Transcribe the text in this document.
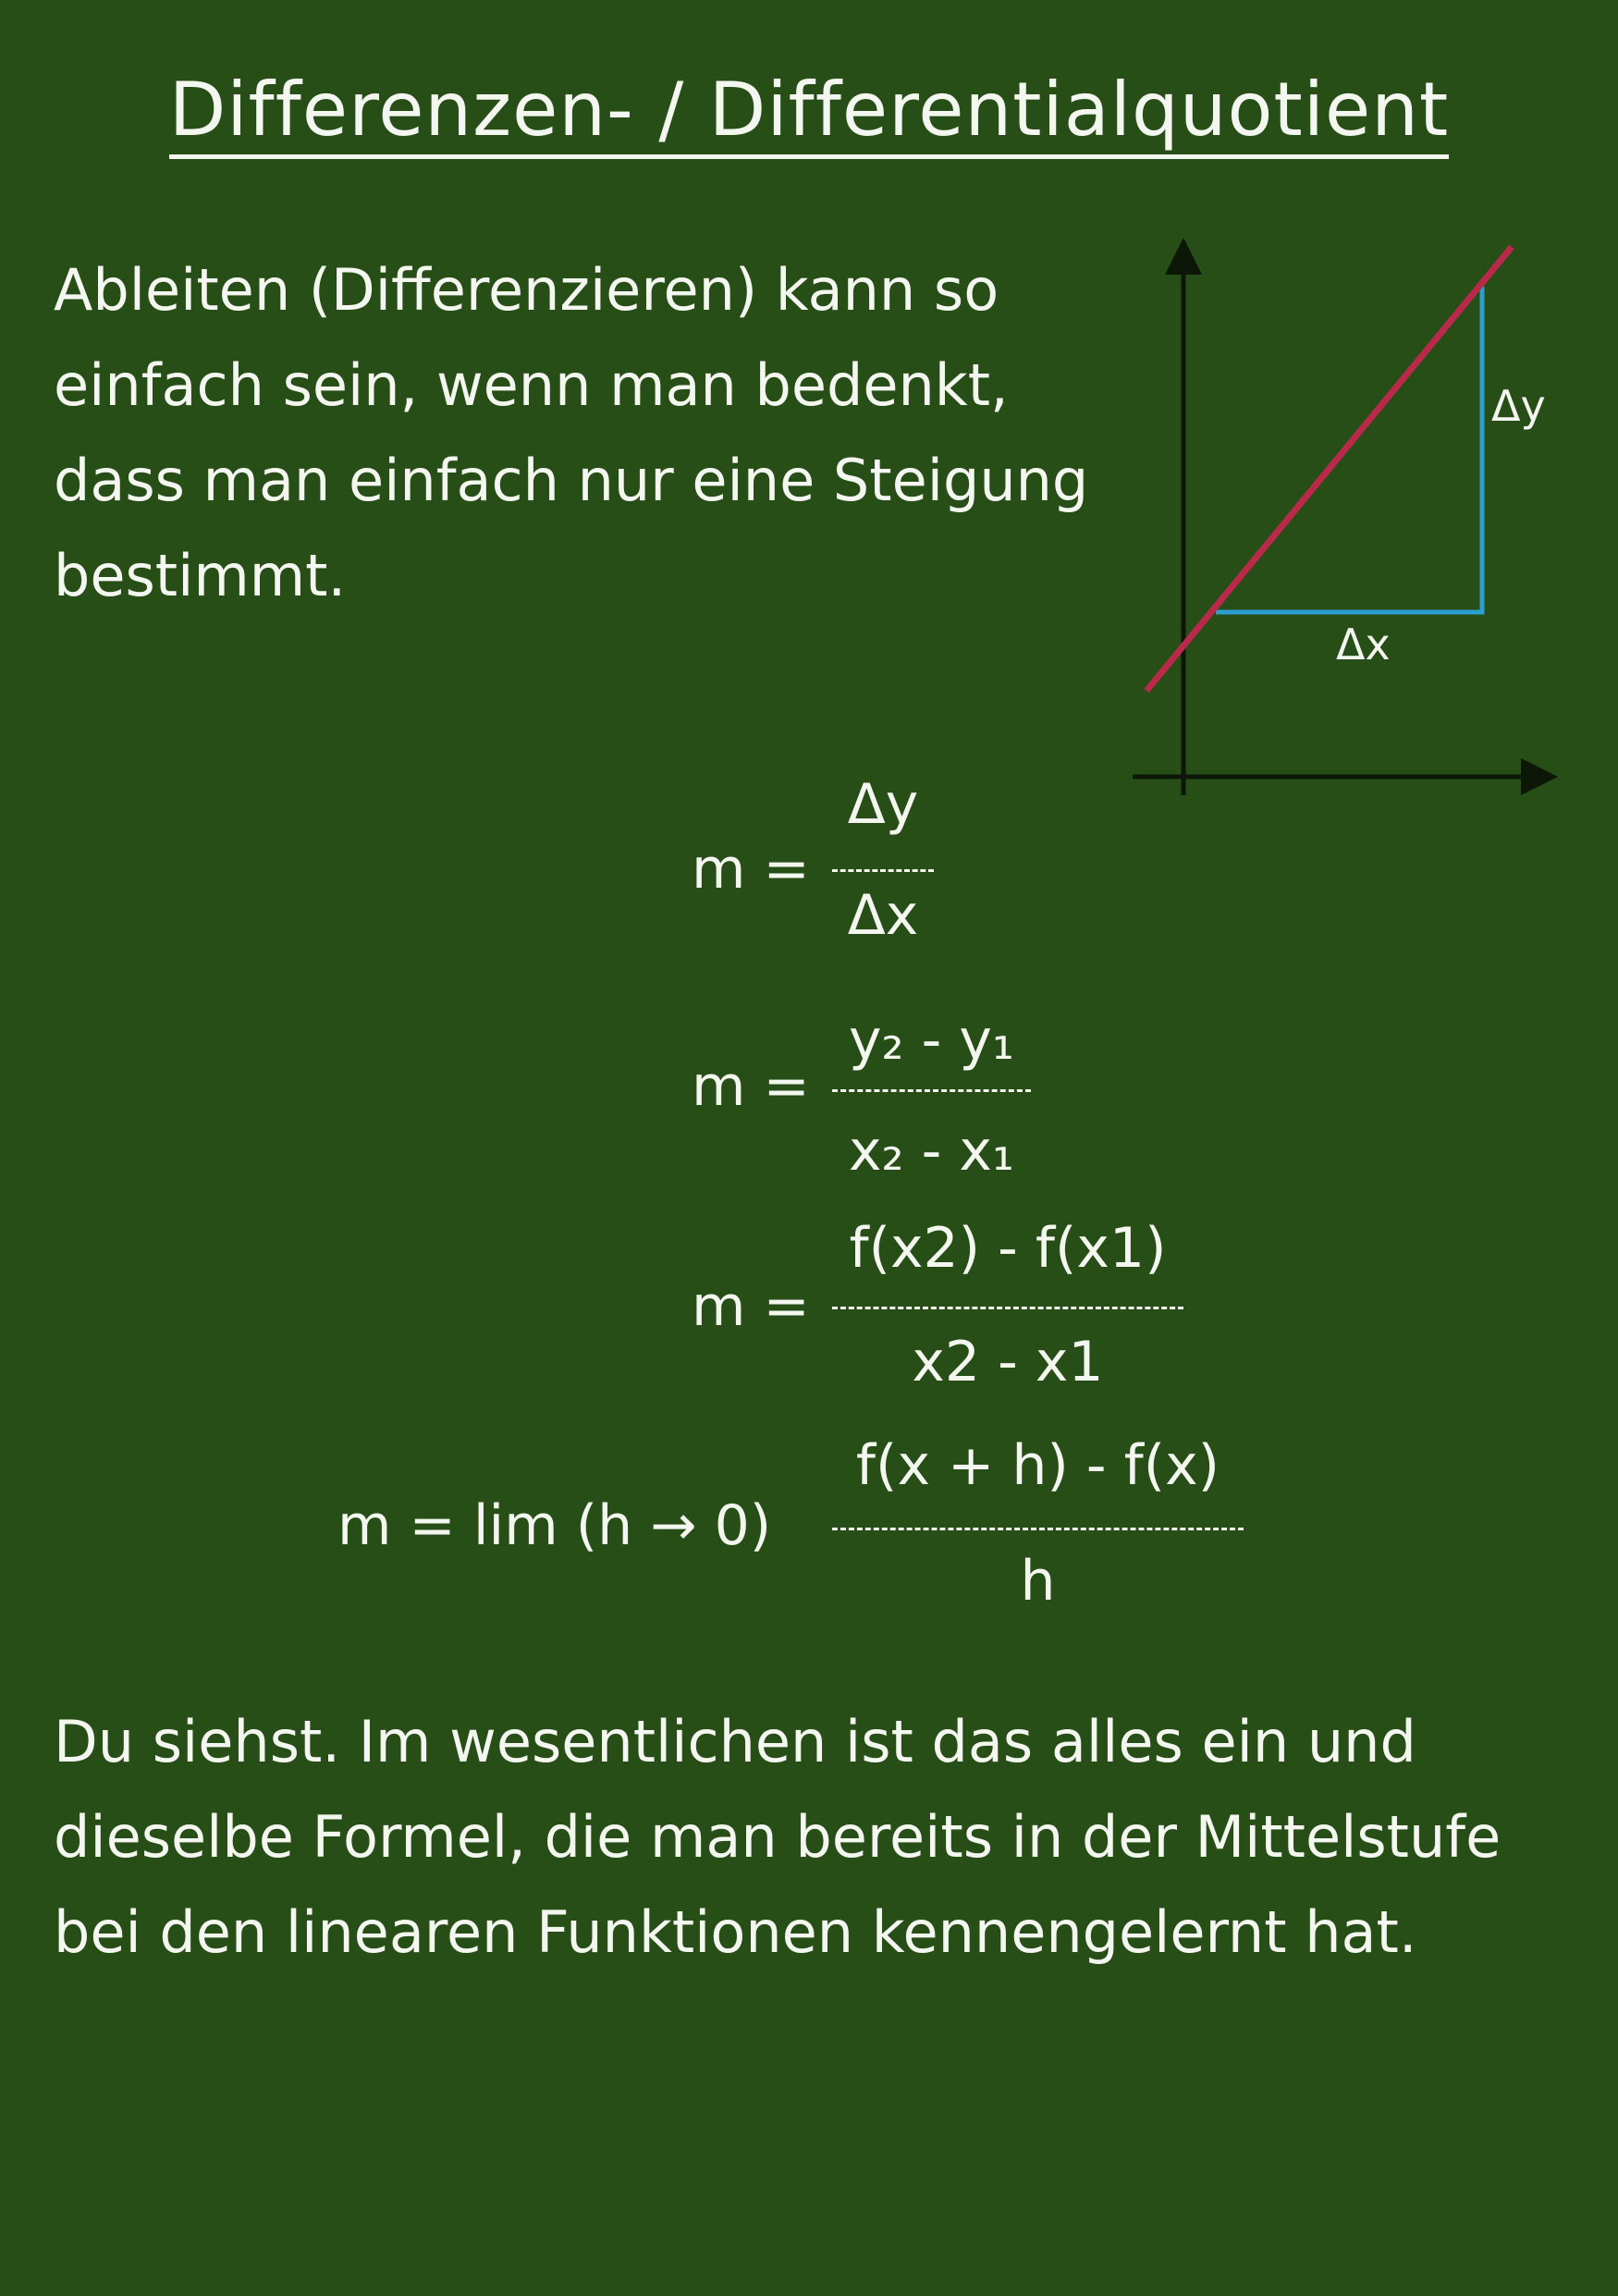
Differenzen- / Differentialquotient
Ableiten (Differenzieren) kann so einfach sein, wenn man bedenkt, dass man einfach nur eine Steigung bestimmt.
Δx
Δy
m =
Δy
Δx
m =
y₂ - y₁
x₂ - x₁
m =
f(x2) - f(x1)
x2 - x1
m = lim (h → 0)
f(x + h) - f(x)
h
Du siehst. Im wesentlichen ist das alles ein und dieselbe Formel, die man bereits in der Mittelstufe bei den linearen Funktionen kennengelernt hat.
